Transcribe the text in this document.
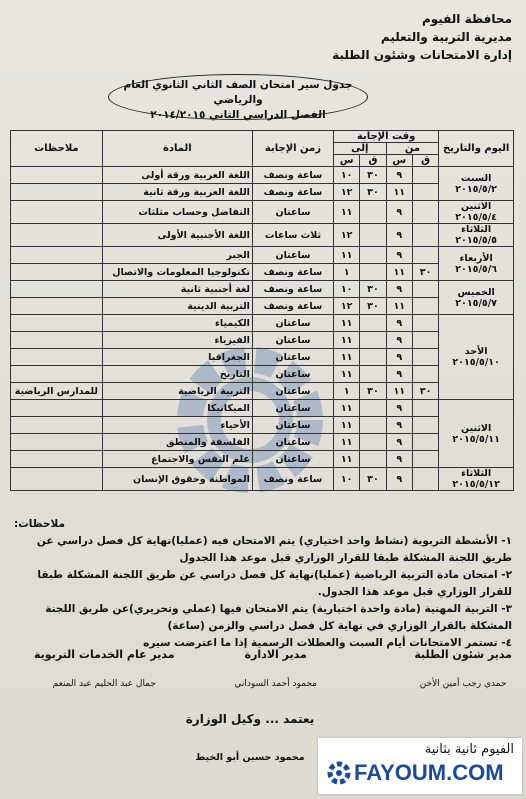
محافظة الفيوم
مديرية التربية والتعليم
إدارة الامتحانات وشئون الطلبة
جدول سير امتحان الصف الثاني الثانوي العام والرياضي
الفصل الدراسي الثاني ٢٠١٤/٢٠١٥
اليوم والتاريخ	وقت الإجابة				زمن الإجابة	المادة	ملاحظات
	من		إلى				
	ق	س	ق	س			

السبت
٢٠١٥/٥/٢		٩	٣٠	١٠	ساعة ونصف	اللغة العربية ورقة أولى	
		١١	٣٠	١٢	ساعة ونصف	اللغة العربية ورقة ثانية	

الاثنين
٢٠١٥/٥/٤		٩		١١	ساعتان	التفاضل وحساب مثلثات	

الثلاثاء
٢٠١٥/٥/٥		٩		١٢	ثلاث ساعات	اللغة الأجنبية الأولى	

الأربعاء
٢٠١٥/٥/٦		٩		١١	ساعتان	الجبر	
	٣٠	١١		١	ساعة ونصف	تكنولوجيا المعلومات والاتصال	

الخميس
٢٠١٥/٥/٧		٩	٣٠	١٠	ساعة ونصف	لغة أجنبية ثانية	
		١١	٣٠	١٢	ساعة ونصف	التربية الدينية	

الأحد
٢٠١٥/٥/١٠		٩		١١	ساعتان	الكيمياء	
		٩		١١	ساعتان	الفيزياء	
		٩		١١	ساعتان	الجغرافيا	
		٩		١١	ساعتان	التاريخ	
	٣٠	١١	٣٠	١	ساعتان	التربية الرياضية	للمدارس الرياضية

الاثنين
٢٠١٥/٥/١١		٩		١١	ساعتان	الميكانيكا	
		٩		١١	ساعتان	الأحياء	
		٩		١١	ساعتان	الفلسفة والمنطق	
		٩		١١	ساعتان	علم النفس والاجتماع	

الثلاثاء
٢٠١٥/٥/١٢		٩	٣٠	١٠	ساعة ونصف	المواطنة وحقوق الإنسان	

ملاحظات:

١- الأنشطة التربوية (نشاط واحد اختياري) يتم الامتحان فيه (عمليا)نهاية كل فصل دراسي عن طريق اللجنة المشكلة طبقا للقرار الوزاري قبل موعد هذا الجدول

٢- امتحان مادة التربية الرياضية (عمليا)نهاية كل فصل دراسي عن طريق اللجنة المشكلة طبقا للقرار الوزاري قبل موعد هذا الجدول.

٣- التربية المهنية (مادة واحدة اختيارية) يتم الامتحان فيها (عملي وتحريري)عن طريق اللجنة المشكلة بالقرار الوزاري في نهاية كل فصل دراسي والزمن (ساعة)

٤- تستمر الامتحانات أيام السبت والعطلات الرسمية إذا ما اعترضت سيره

مدير شئون الطلبة
حمدي رجب أمين الأخن
مدير الادارة
محمود أحمد السوداني
مدير عام الخدمات التربوية
جمال عبد الحليم عبد المنعم
يعتمد ... وكيل الوزارة
محمود حسين أبو الخيط
الفيوم ثانية بثانية
FAYOUM.COM
